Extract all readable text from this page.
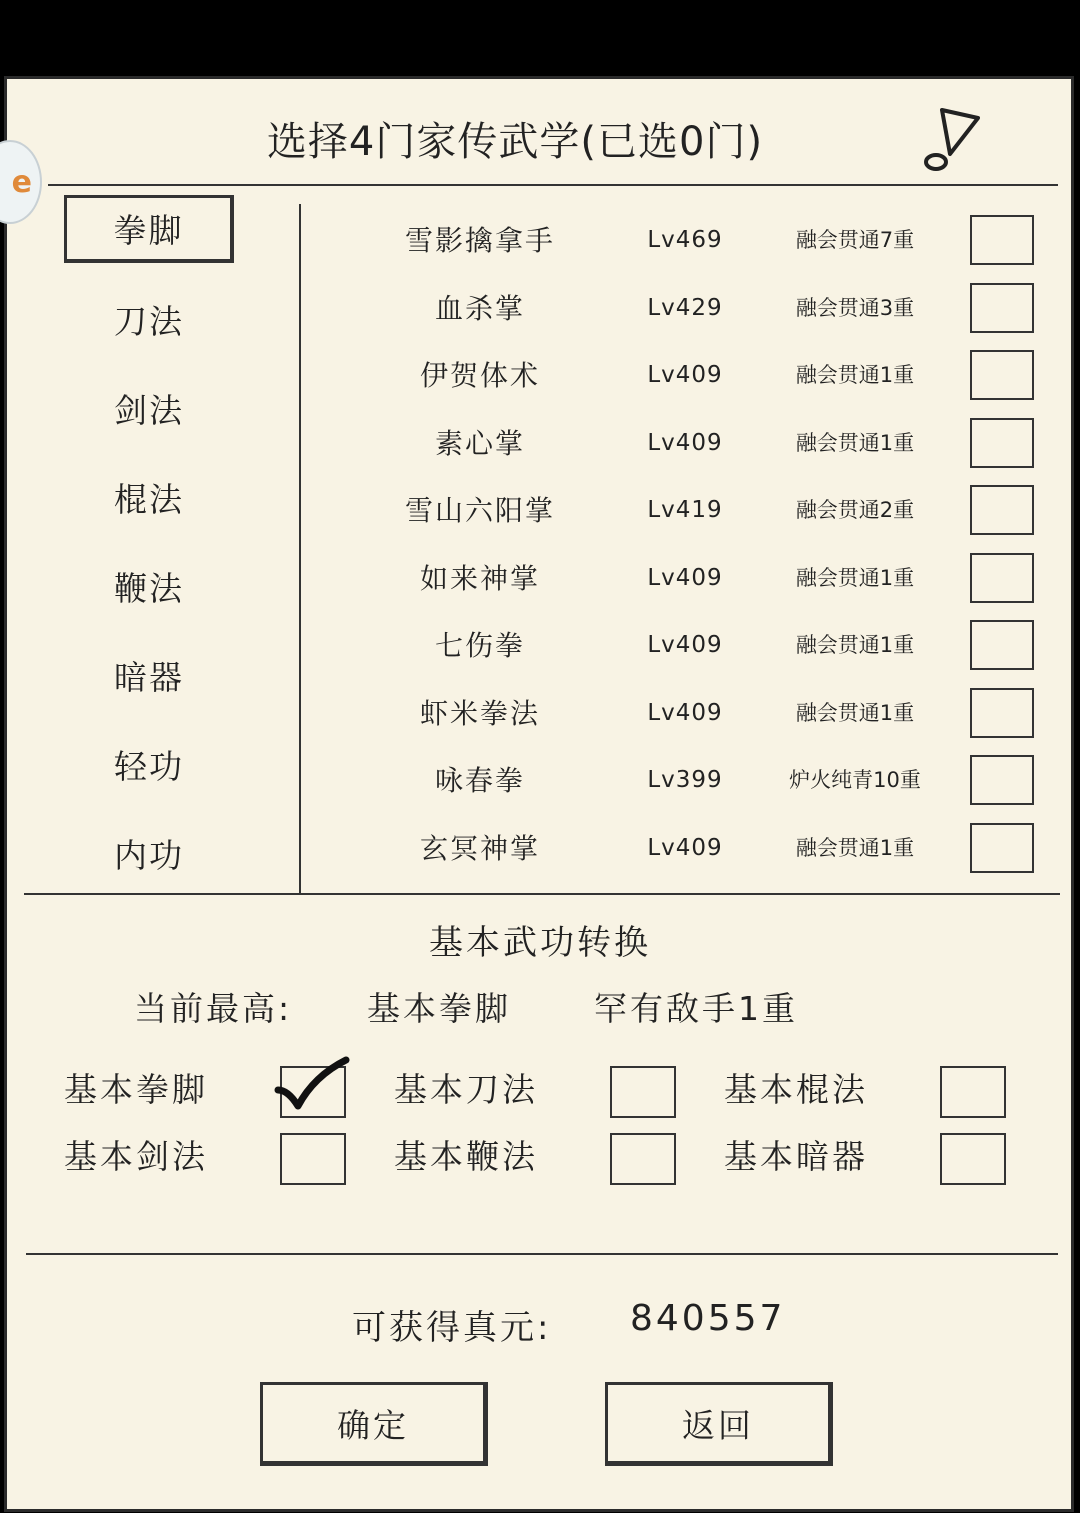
e
选择4门家传武学(已选0门)
拳脚
刀法
剑法
棍法
鞭法
暗器
轻功
内功
雪影擒拿手	Lv469	融会贯通7重
血杀掌	Lv429	融会贯通3重
伊贺体术	Lv409	融会贯通1重
素心掌	Lv409	融会贯通1重
雪山六阳掌	Lv419	融会贯通2重
如来神掌	Lv409	融会贯通1重
七伤拳	Lv409	融会贯通1重
虾米拳法	Lv409	融会贯通1重
咏春拳	Lv399	炉火纯青10重
玄冥神掌	Lv409	融会贯通1重
基本武功转换
当前最高: 基本拳脚	罕有敌手1重
基本拳脚	基本刀法	基本棍法
基本剑法	基本鞭法	基本暗器
可获得真元: 840557
确定	返回
